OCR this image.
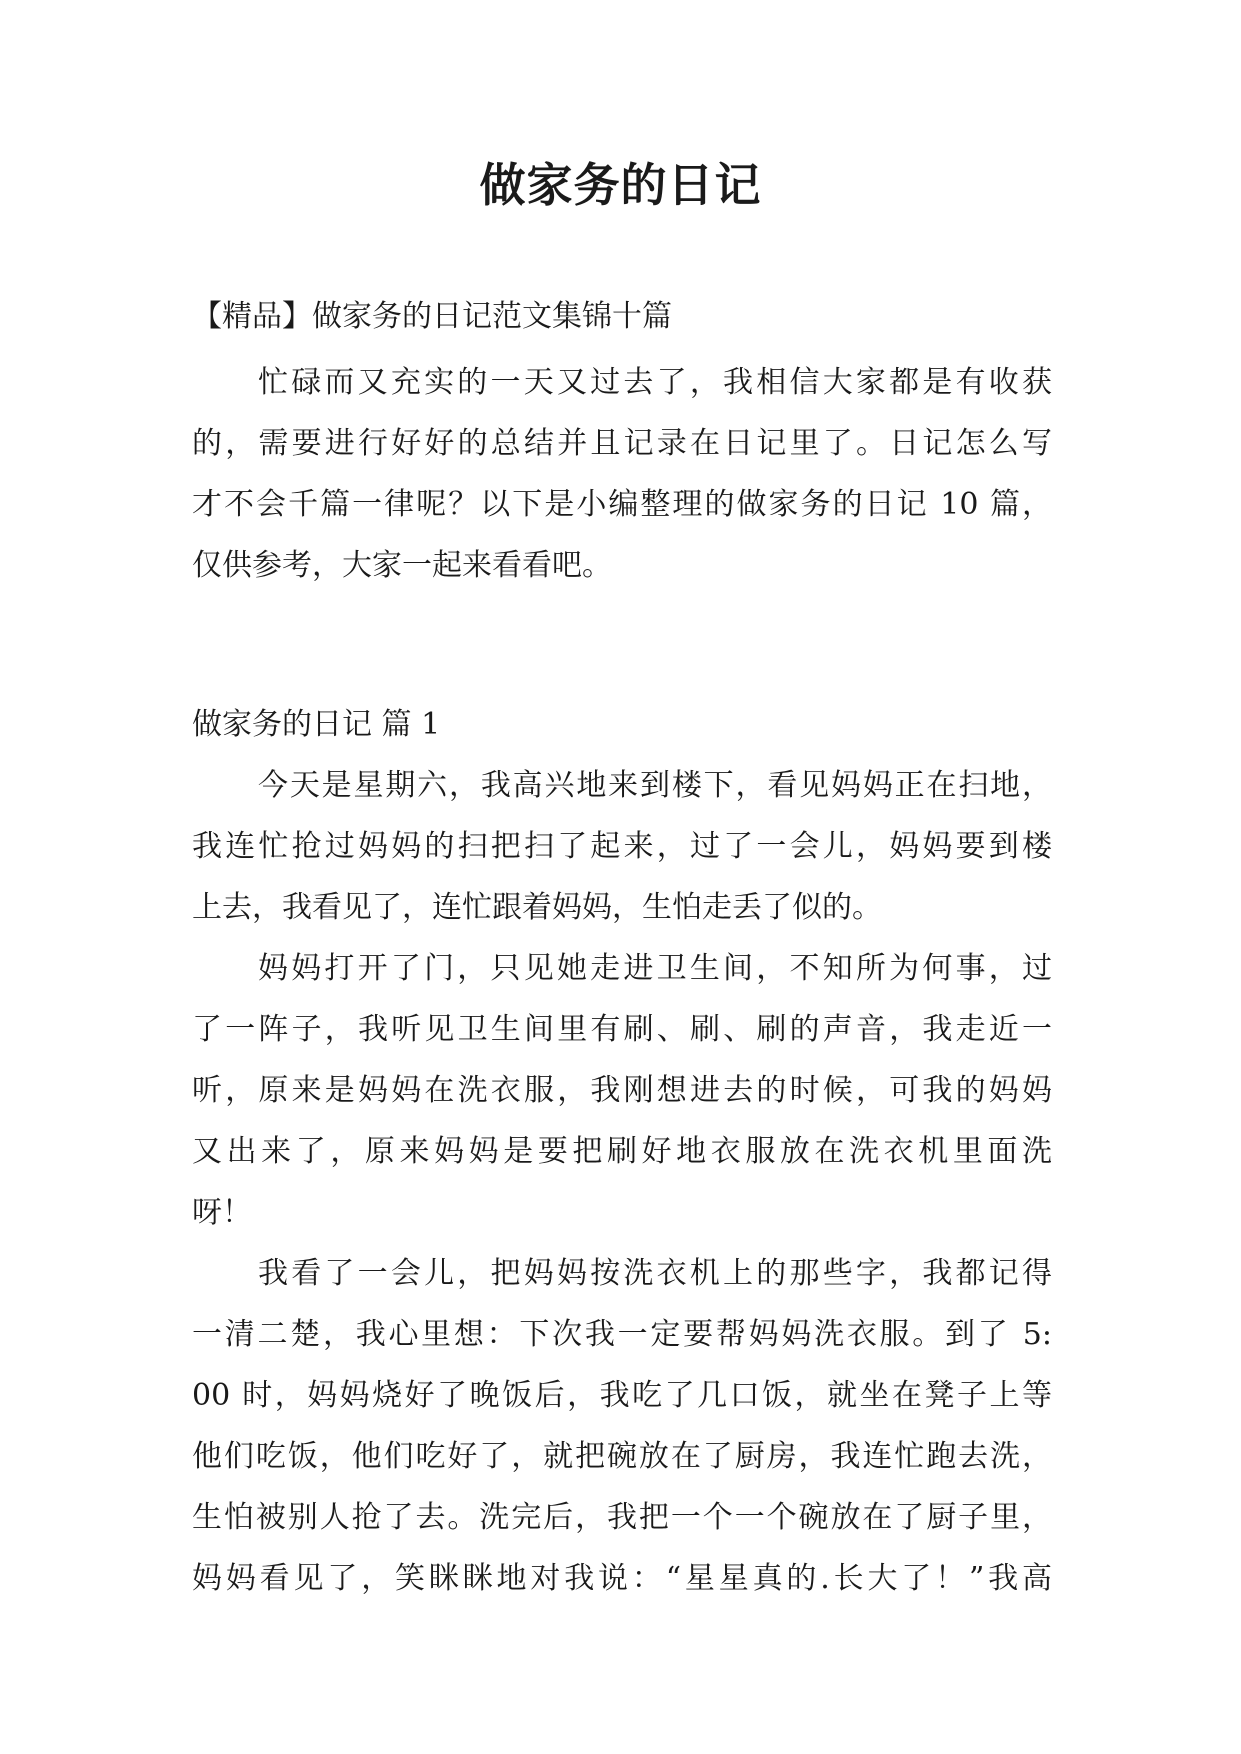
做家务的日记

【精品】做家务的日记范文集锦十篇

忙碌而又充实的一天又过去了，我相信大家都是有收获
的，需要进行好好的总结并且记录在日记里了。日记怎么写
才不会千篇一律呢？以下是小编整理的做家务的日记 10 篇，
仅供参考，大家一起来看看吧。

做家务的日记 篇 1

今天是星期六，我高兴地来到楼下，看见妈妈正在扫地，
我连忙抢过妈妈的扫把扫了起来，过了一会儿，妈妈要到楼
上去，我看见了，连忙跟着妈妈，生怕走丢了似的。
妈妈打开了门，只见她走进卫生间，不知所为何事，过
了一阵子，我听见卫生间里有刷、刷、刷的声音，我走近一
听，原来是妈妈在洗衣服，我刚想进去的时候，可我的妈妈
又出来了，原来妈妈是要把刷好地衣服放在洗衣机里面洗
呀！
我看了一会儿，把妈妈按洗衣机上的那些字，我都记得
一清二楚，我心里想：下次我一定要帮妈妈洗衣服。到了 5:
00 时，妈妈烧好了晚饭后，我吃了几口饭，就坐在凳子上等
他们吃饭，他们吃好了，就把碗放在了厨房，我连忙跑去洗，
生怕被别人抢了去。洗完后，我把一个一个碗放在了厨子里，
妈妈看见了，笑眯眯地对我说：“星星真的.长大了！”我高
